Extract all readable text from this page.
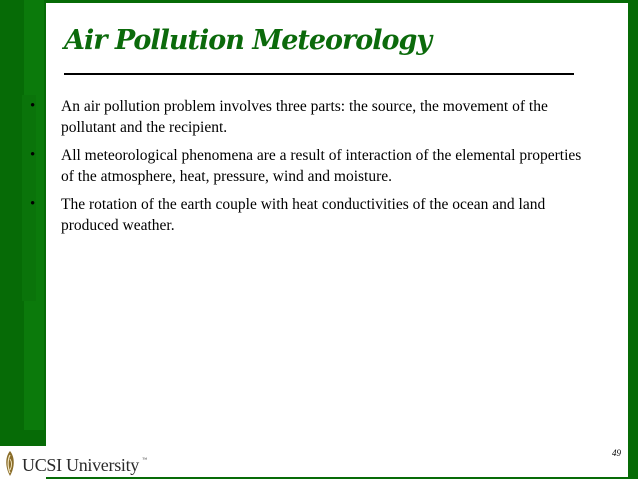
Air Pollution Meteorology
•	An air pollution problem involves three parts: the source, the movement of the pollutant and the recipient.
•	All meteorological phenomena are a result of interaction of the elemental properties of the atmosphere, heat, pressure, wind and moisture.
•	The rotation of the earth couple with heat conductivities of the ocean and land produced weather.
49
UCSI University ™
